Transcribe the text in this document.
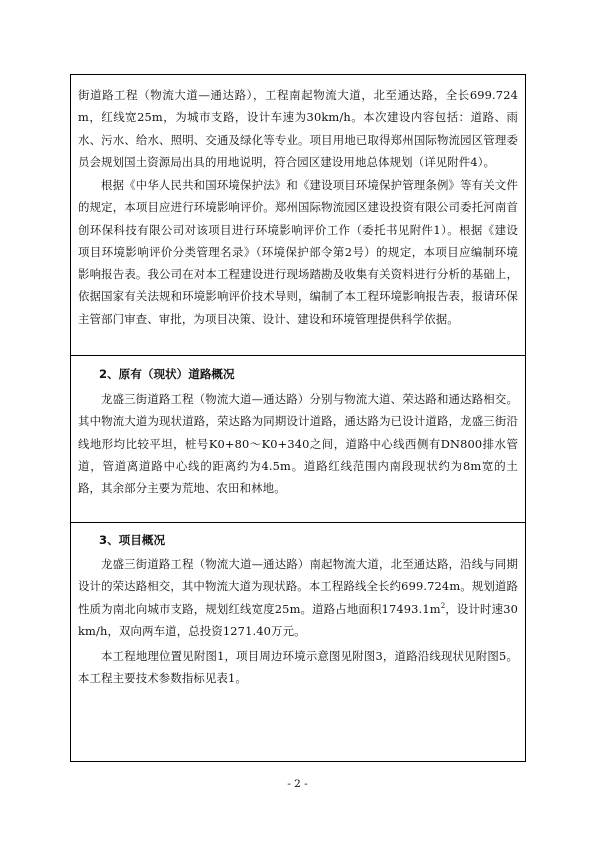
街道路工程（物流大道—通达路），工程南起物流大道，北至通达路，全长699.724m，红线宽25m，为城市支路，设计车速为30km/h。本次建设内容包括：道路、雨水、污水、给水、照明、交通及绿化等专业。项目用地已取得郑州国际物流园区管理委员会规划国土资源局出具的用地说明，符合园区建设用地总体规划（详见附件4）。

根据《中华人民共和国环境保护法》和《建设项目环境保护管理条例》等有关文件的规定，本项目应进行环境影响评价。郑州国际物流园区建设投资有限公司委托河南首创环保科技有限公司对该项目进行环境影响评价工作（委托书见附件1）。根据《建设项目环境影响评价分类管理名录》（环境保护部令第2号）的规定，本项目应编制环境影响报告表。我公司在对本工程建设进行现场踏勘及收集有关资料进行分析的基础上，依据国家有关法规和环境影响评价技术导则，编制了本工程环境影响报告表，报请环保主管部门审查、审批，为项目决策、设计、建设和环境管理提供科学依据。

2、原有（现状）道路概况

龙盛三街道路工程（物流大道—通达路）分别与物流大道、荣达路和通达路相交。其中物流大道为现状道路，荣达路为同期设计道路，通达路为已设计道路，龙盛三街沿线地形均比较平坦，桩号K0+80～K0+340之间，道路中心线西侧有DN800排水管道，管道离道路中心线的距离约为4.5m。道路红线范围内南段现状约为8m宽的土路，其余部分主要为荒地、农田和林地。

3、项目概况

龙盛三街道路工程（物流大道—通达路）南起物流大道，北至通达路，沿线与同期设计的荣达路相交，其中物流大道为现状路。本工程路线全长约699.724m。规划道路性质为南北向城市支路，规划红线宽度25m。道路占地面积$17493.1m^2$，设计时速30km/h，双向两车道，总投资1271.40万元。

本工程地理位置见附图1，项目周边环境示意图见附图3，道路沿线现状见附图5。本工程主要技术参数指标见表1。

- 2 -
